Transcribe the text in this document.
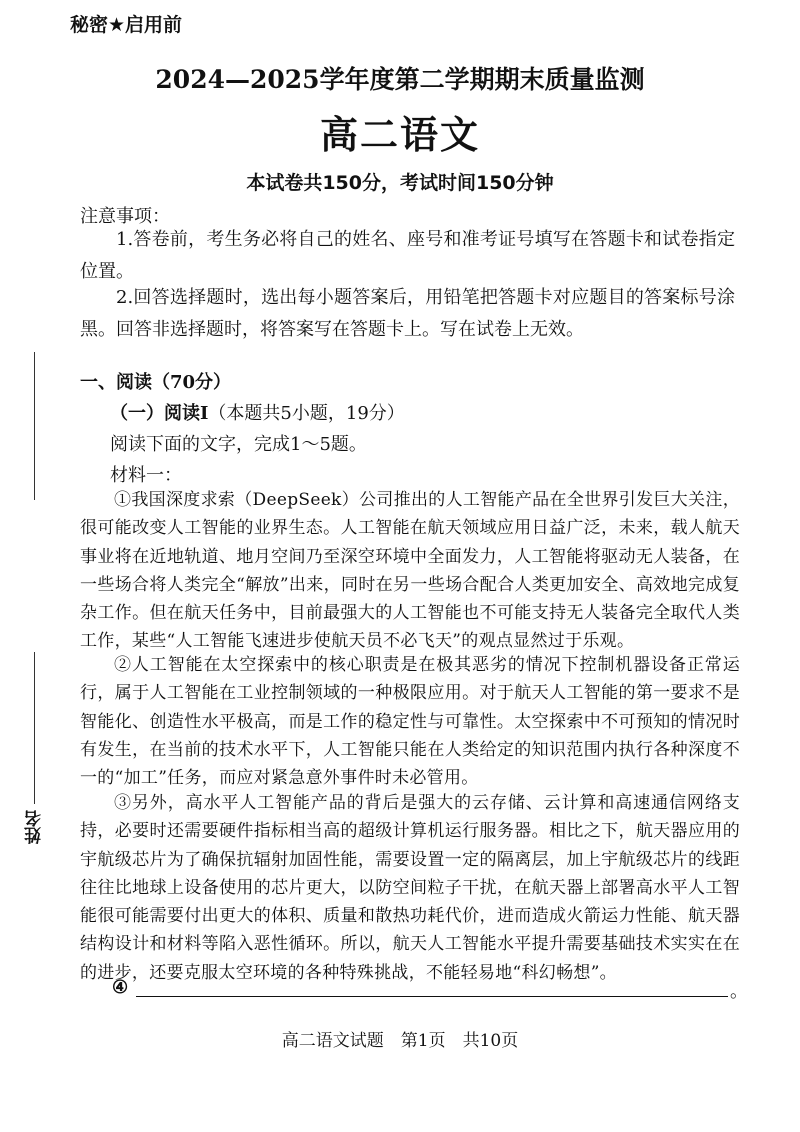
秘密★启用前
2024—2025学年度第二学期期末质量监测
高二语文
本试卷共150分，考试时间150分钟
注意事项：
1.答卷前，考生务必将自己的姓名、座号和准考证号填写在答题卡和试卷指定位置。
2.回答选择题时，选出每小题答案后，用铅笔把答题卡对应题目的答案标号涂黑。回答非选择题时，将答案写在答题卡上。写在试卷上无效。
一、阅读（70分）
（一）阅读Ⅰ（本题共5小题，19分）
阅读下面的文字，完成1～5题。
材料一：
①我国深度求索（DeepSeek）公司推出的人工智能产品在全世界引发巨大关注，很可能改变人工智能的业界生态。人工智能在航天领域应用日益广泛，未来，载人航天事业将在近地轨道、地月空间乃至深空环境中全面发力，人工智能将驱动无人装备，在一些场合将人类完全“解放”出来，同时在另一些场合配合人类更加安全、高效地完成复杂工作。但在航天任务中，目前最强大的人工智能也不可能支持无人装备完全取代人类工作，某些“人工智能飞速进步使航天员不必飞天”的观点显然过于乐观。
②人工智能在太空探索中的核心职责是在极其恶劣的情况下控制机器设备正常运行，属于人工智能在工业控制领域的一种极限应用。对于航天人工智能的第一要求不是智能化、创造性水平极高，而是工作的稳定性与可靠性。太空探索中不可预知的情况时有发生，在当前的技术水平下，人工智能只能在人类给定的知识范围内执行各种深度不一的“加工”任务，而应对紧急意外事件时未必管用。
③另外，高水平人工智能产品的背后是强大的云存储、云计算和高速通信网络支持，必要时还需要硬件指标相当高的超级计算机运行服务器。相比之下，航天器应用的宇航级芯片为了确保抗辐射加固性能，需要设置一定的隔离层，加上宇航级芯片的线距往往比地球上设备使用的芯片更大，以防空间粒子干扰，在航天器上部署高水平人工智能很可能需要付出更大的体积、质量和散热功耗代价，进而造成火箭运力性能、航天器结构设计和材料等陷入恶性循环。所以，航天人工智能水平提升需要基础技术实实在在的进步，还要克服太空环境的各种特殊挑战，不能轻易地“科幻畅想”。
④	。
高二语文试题　第1页　共10页
姓名
